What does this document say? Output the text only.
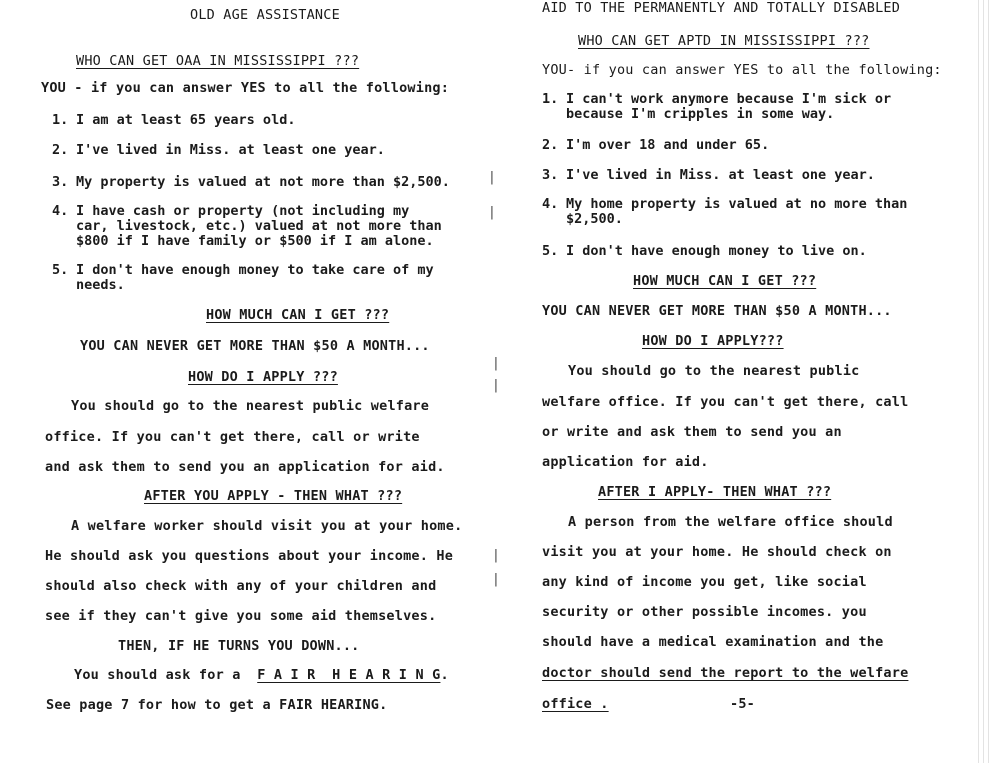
OLD AGE ASSISTANCE
WHO CAN GET OAA IN MISSISSIPPI ???
YOU - if you can answer YES to all the following:
1. I am at least 65 years old.
2. I've lived in Miss. at least one year.
3. My property is valued at not more than $2,500.
4. I have cash or property (not including my
car, livestock, etc.) valued at not more than
$800 if I have family or $500 if I am alone.
5. I don't have enough money to take care of my
needs.
HOW MUCH CAN I GET ???
YOU CAN NEVER GET MORE THAN $50 A MONTH...
HOW DO I APPLY ???
You should go to the nearest public welfare
office. If you can't get there, call or write
and ask them to send you an application for aid.
AFTER YOU APPLY - THEN WHAT ???
A welfare worker should visit you at your home.
He should ask you questions about your income. He
should also check with any of your children and
see if they can't give you some aid themselves.
THEN, IF HE TURNS YOU DOWN...
You should ask for a F A I R  H E A R I N G.
See page 7 for how to get a FAIR HEARING.
|
|
|
|
|
|
AID TO THE PERMANENTLY AND TOTALLY DISABLED
WHO CAN GET APTD IN MISSISSIPPI ???
YOU- if you can answer YES to all the following:
1. I can't work anymore because I'm sick or
because I'm cripples in some way.
2. I'm over 18 and under 65.
3. I've lived in Miss. at least one year.
4. My home property is valued at no more than
$2,500.
5. I don't have enough money to live on.
HOW MUCH CAN I GET ???
YOU CAN NEVER GET MORE THAN $50 A MONTH...
HOW DO I APPLY???
You should go to the nearest public
welfare office. If you can't get there, call
or write and ask them to send you an
application for aid.
AFTER I APPLY- THEN WHAT ???
A person from the welfare office should
visit you at your home. He should check on
any kind of income you get, like social
security or other possible incomes. you
should have a medical examination and the
doctor should send the report to the welfare
office .	-5-
